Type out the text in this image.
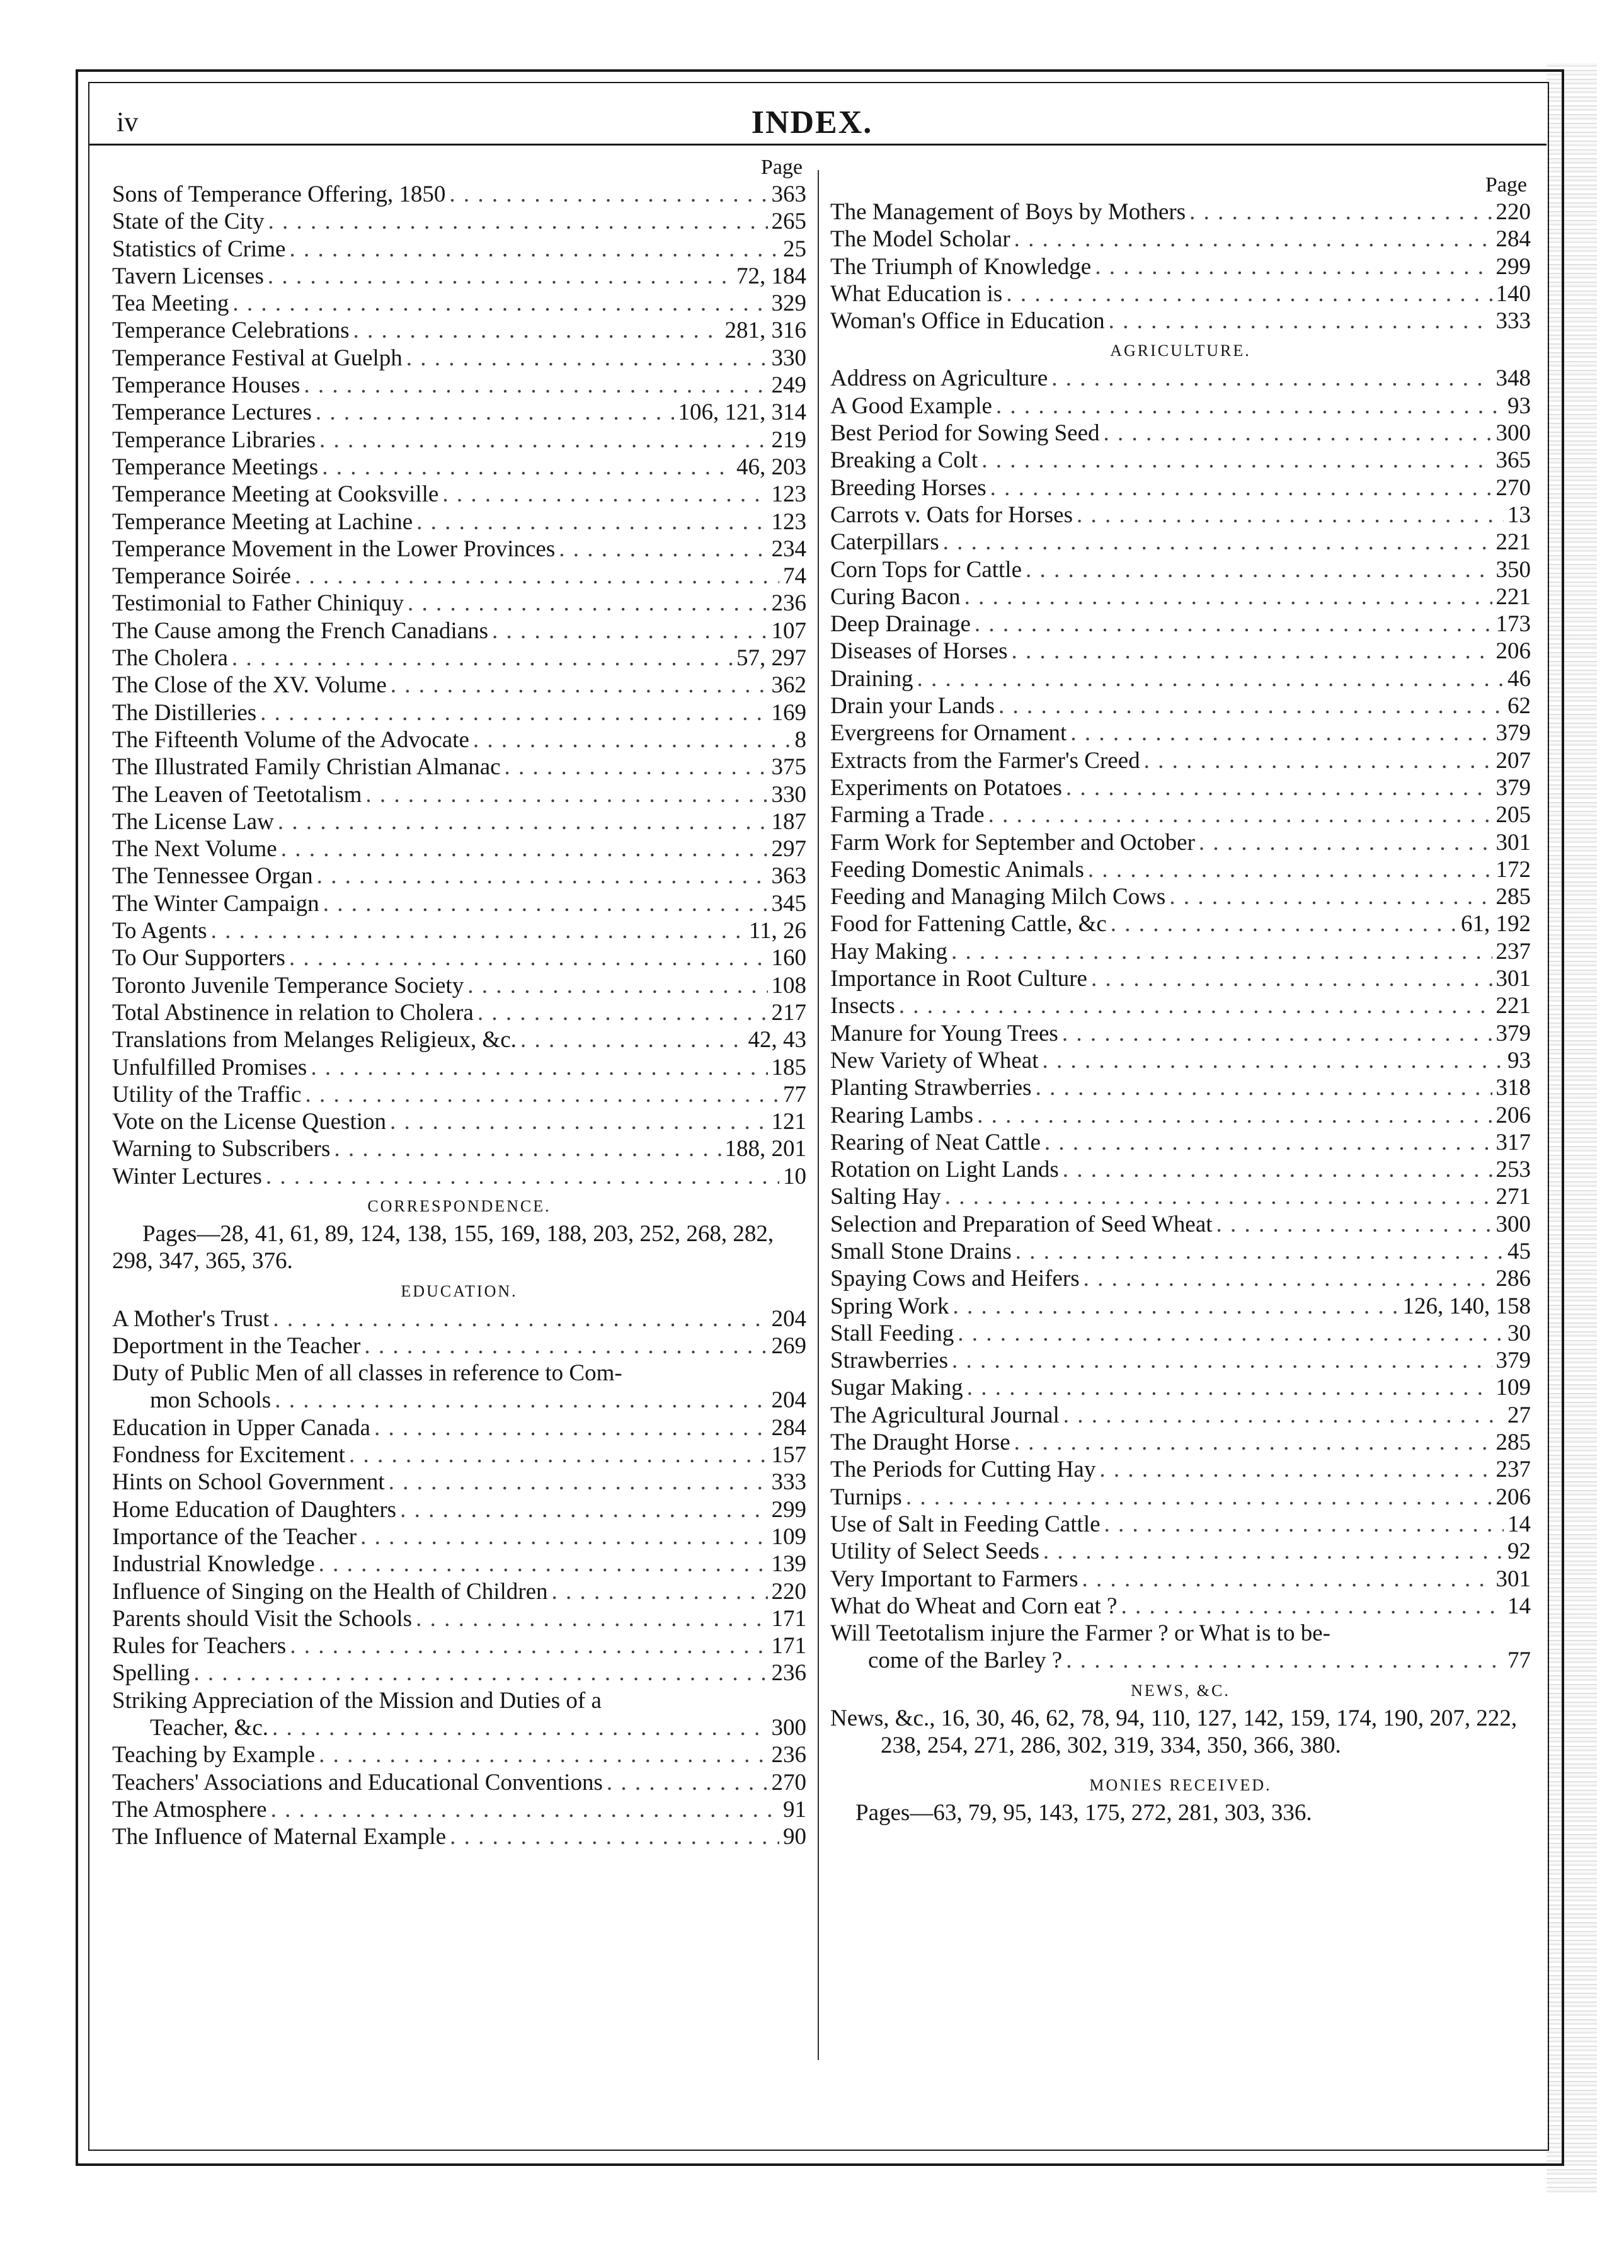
iv	INDEX.
Page
Sons of Temperance Offering, 1850 . . .	363
State of the City . . .	265
Statistics of Crime . . .	25
Tavern Licenses . . .	72, 184
Tea Meeting . . .	329
Temperance Celebrations . . .	281, 316
Temperance Festival at Guelph . . .	330
Temperance Houses . . .	249
Temperance Lectures . . .	106, 121, 314
Temperance Libraries . . .	219
Temperance Meetings . . .	46, 203
Temperance Meeting at Cooksville . . .	123
Temperance Meeting at Lachine . . .	123
Temperance Movement in the Lower Provinces . . .	234
Temperance Soirée . . .	74
Testimonial to Father Chiniquy . . .	236
The Cause among the French Canadians . . .	107
The Cholera . . .	57, 297
The Close of the XV. Volume . . .	362
The Distilleries . . .	169
The Fifteenth Volume of the Advocate . . .	8
The Illustrated Family Christian Almanac . . .	375
The Leaven of Teetotalism . . .	330
The License Law . . .	187
The Next Volume . . .	297
The Tennessee Organ . . .	363
The Winter Campaign . . .	345
To Agents . . .	11, 26
To Our Supporters . . .	160
Toronto Juvenile Temperance Society . . .	108
Total Abstinence in relation to Cholera . . .	217
Translations from Melanges Religieux, &c. . . .	42, 43
Unfulfilled Promises . . .	185
Utility of the Traffic . . .	77
Vote on the License Question . . .	121
Warning to Subscribers . . .	188, 201
Winter Lectures . . .	10
CORRESPONDENCE.
Pages—28, 41, 61, 89, 124, 138, 155, 169, 188, 203, 252, 268, 282, 298, 347, 365, 376.
EDUCATION.
A Mother's Trust . . .	204
Deportment in the Teacher . . .	269
Duty of Public Men of all classes in reference to Com-
mon Schools . . .	204
Education in Upper Canada . . .	284
Fondness for Excitement . . .	157
Hints on School Government . . .	333
Home Education of Daughters . . .	299
Importance of the Teacher . . .	109
Industrial Knowledge . . .	139
Influence of Singing on the Health of Children . . .	220
Parents should Visit the Schools . . .	171
Rules for Teachers . . .	171
Spelling . . .	236
Striking Appreciation of the Mission and Duties of a
Teacher, &c. . . .	300
Teaching by Example . . .	236
Teachers' Associations and Educational Conventions . . .	270
The Atmosphere . . .	91
The Influence of Maternal Example . . .	90
Page
The Management of Boys by Mothers . . .	220
The Model Scholar . . .	284
The Triumph of Knowledge . . .	299
What Education is . . .	140
Woman's Office in Education . . .	333
AGRICULTURE.
Address on Agriculture . . .	348
A Good Example . . .	93
Best Period for Sowing Seed . . .	300
Breaking a Colt . . .	365
Breeding Horses . . .	270
Carrots v. Oats for Horses . . .	13
Caterpillars . . .	221
Corn Tops for Cattle . . .	350
Curing Bacon . . .	221
Deep Drainage . . .	173
Diseases of Horses . . .	206
Draining . . .	46
Drain your Lands . . .	62
Evergreens for Ornament . . .	379
Extracts from the Farmer's Creed . . .	207
Experiments on Potatoes . . .	379
Farming a Trade . . .	205
Farm Work for September and October . . .	301
Feeding Domestic Animals . . .	172
Feeding and Managing Milch Cows . . .	285
Food for Fattening Cattle, &c . . .	61, 192
Hay Making . . .	237
Importance in Root Culture . . .	301
Insects . . .	221
Manure for Young Trees . . .	379
New Variety of Wheat . . .	93
Planting Strawberries . . .	318
Rearing Lambs . . .	206
Rearing of Neat Cattle . . .	317
Rotation on Light Lands . . .	253
Salting Hay . . .	271
Selection and Preparation of Seed Wheat . . .	300
Small Stone Drains . . .	45
Spaying Cows and Heifers . . .	286
Spring Work . . .	126, 140, 158
Stall Feeding . . .	30
Strawberries . . .	379
Sugar Making . . .	109
The Agricultural Journal . . .	27
The Draught Horse . . .	285
The Periods for Cutting Hay . . .	237
Turnips . . .	206
Use of Salt in Feeding Cattle . . .	14
Utility of Select Seeds . . .	92
Very Important to Farmers . . .	301
What do Wheat and Corn eat ? . . .	14
Will Teetotalism injure the Farmer ? or What is to be-
come of the Barley ? . . .	77
NEWS, &C.
News, &c., 16, 30, 46, 62, 78, 94, 110, 127, 142, 159, 174, 190, 207, 222, 238, 254, 271, 286, 302, 319, 334, 350, 366, 380.
MONIES RECEIVED.
Pages—63, 79, 95, 143, 175, 272, 281, 303, 336.
